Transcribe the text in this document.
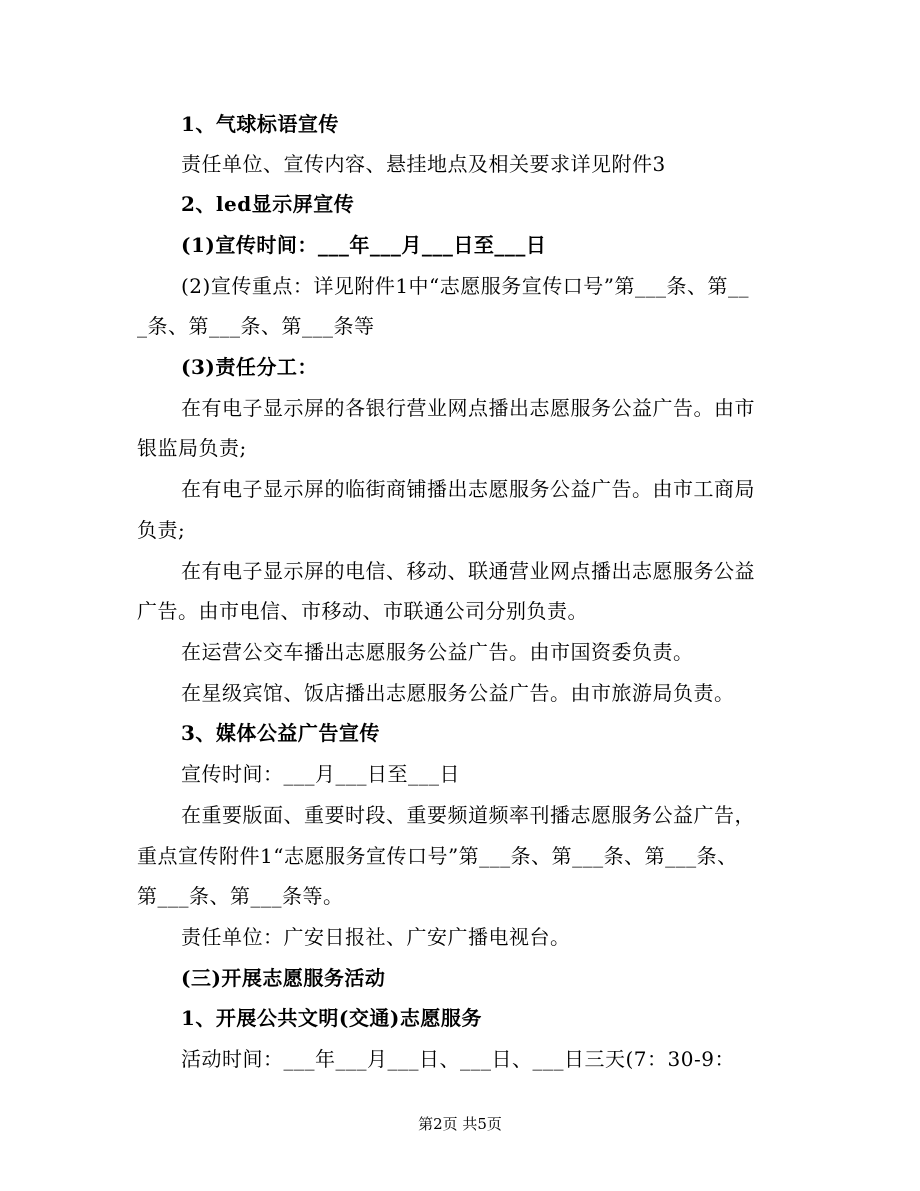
1、气球标语宣传
责任单位、宣传内容、悬挂地点及相关要求详见附件3
2、led显示屏宣传
(1)宣传时间：___年___月___日至___日
(2)宣传重点：详见附件1中“志愿服务宣传口号”第___条、第__
_条、第___条、第___条等
(3)责任分工：
在有电子显示屏的各银行营业网点播出志愿服务公益广告。由市
银监局负责;
在有电子显示屏的临街商铺播出志愿服务公益广告。由市工商局
负责;
在有电子显示屏的电信、移动、联通营业网点播出志愿服务公益
广告。由市电信、市移动、市联通公司分别负责。
在运营公交车播出志愿服务公益广告。由市国资委负责。
在星级宾馆、饭店播出志愿服务公益广告。由市旅游局负责。
3、媒体公益广告宣传
宣传时间：___月___日至___日
在重要版面、重要时段、重要频道频率刊播志愿服务公益广告，
重点宣传附件1“志愿服务宣传口号”第___条、第___条、第___条、
第___条、第___条等。
责任单位：广安日报社、广安广播电视台。
(三)开展志愿服务活动
1、开展公共文明(交通)志愿服务
活动时间：___年___月___日、___日、___日三天(7：30-9：
第2页 共5页
